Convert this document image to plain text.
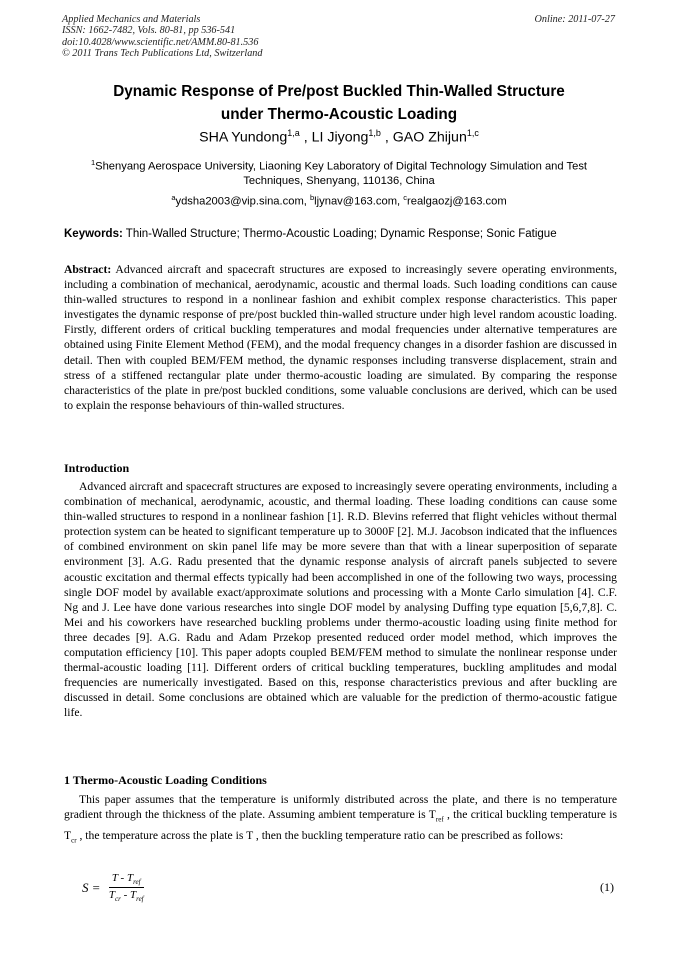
Applied Mechanics and Materials
ISSN: 1662-7482, Vols. 80-81, pp 536-541
doi:10.4028/www.scientific.net/AMM.80-81.536
© 2011 Trans Tech Publications Ltd, Switzerland
Online: 2011-07-27
Dynamic Response of Pre/post Buckled Thin-Walled Structure
under Thermo-Acoustic Loading
SHA Yundong$^{1,a}$ , LI Jiyong$^{1,b}$ , GAO Zhijun$^{1,c}$
$^1$Shenyang Aerospace University, Liaoning Key Laboratory of Digital Technology Simulation and Test Techniques, Shenyang, 110136, China
$^a$ydsha2003@vip.sina.com, $^b$ljynav@163.com, $^c$realgaozj@163.com
Keywords: Thin-Walled Structure; Thermo-Acoustic Loading; Dynamic Response; Sonic Fatigue
Abstract: Advanced aircraft and spacecraft structures are exposed to increasingly severe operating environments, including a combination of mechanical, aerodynamic, acoustic and thermal loads. Such loading conditions can cause thin-walled structures to respond in a nonlinear fashion and exhibit complex response characteristics. This paper investigates the dynamic response of pre/post buckled thin-walled structure under high level random acoustic loading. Firstly, different orders of critical buckling temperatures and modal frequencies under alternative temperatures are obtained using Finite Element Method (FEM), and the modal frequency changes in a disorder fashion are discussed in detail. Then with coupled BEM/FEM method, the dynamic responses including transverse displacement, strain and stress of a stiffened rectangular plate under thermo-acoustic loading are simulated. By comparing the response characteristics of the plate in pre/post buckled conditions, some valuable conclusions are derived, which can be used to explain the response behaviours of thin-walled structures.
Introduction
Advanced aircraft and spacecraft structures are exposed to increasingly severe operating environments, including a combination of mechanical, aerodynamic, acoustic, and thermal loading. These loading conditions can cause some thin-walled structures to respond in a nonlinear fashion [1]. R.D. Blevins referred that flight vehicles without thermal protection system can be heated to significant temperature up to 3000F [2]. M.J. Jacobson indicated that the influences of combined environment on skin panel life may be more severe than that with a linear superposition of separate environment [3]. A.G. Radu presented that the dynamic response analysis of aircraft panels subjected to severe acoustic excitation and thermal effects typically had been accomplished in one of the following two ways, processing single DOF model by available exact/approximate solutions and processing with a Monte Carlo simulation [4]. C.F. Ng and J. Lee have done various researches into single DOF model by analysing Duffing type equation [5,6,7,8]. C. Mei and his coworkers have researched buckling problems under thermo-acoustic loading using finite method for three decades [9]. A.G. Radu and Adam Przekop presented reduced order model method, which improves the computation efficiency [10]. This paper adopts coupled BEM/FEM method to simulate the nonlinear response under thermal-acoustic loading [11]. Different orders of critical buckling temperatures, buckling amplitudes and modal frequencies are numerically investigated. Based on this, response characteristics previous and after buckling are discussed in detail. Some conclusions are obtained which are valuable for the prediction of thermo-acoustic fatigue life.
1 Thermo-Acoustic Loading Conditions
This paper assumes that the temperature is uniformly distributed across the plate, and there is no temperature gradient through the thickness of the plate. Assuming ambient temperature is $T_{ref}$ , the critical buckling temperature is $T_{cr}$ , the temperature across the plate is T , then the buckling temperature ratio can be prescribed as follows:
$S = \frac{T - T_{ref}}{T_{cr} - T_{ref}}$	(1)
